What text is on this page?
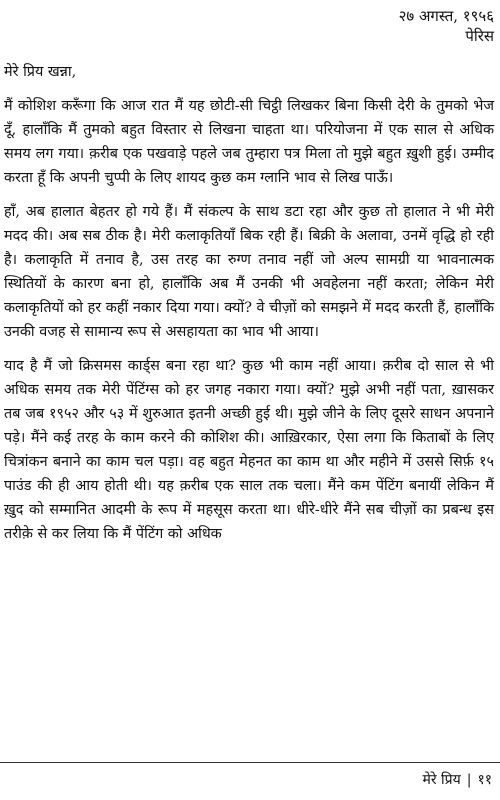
२७ अगस्त, १९५६
पेरिस

मेरे प्रिय खन्ना,

मैं कोशिश करूँगा कि आज रात मैं यह छोटी-सी चिट्ठी लिखकर बिना किसी देरी के तुमको भेज दूँ, हालाँकि मैं तुमको बहुत विस्तार से लिखना चाहता था। परियोजना में एक साल से अधिक समय लग गया। क़रीब एक पखवाड़े पहले जब तुम्हारा पत्र मिला तो मुझे बहुत ख़ुशी हुई। उम्मीद करता हूँ कि अपनी चुप्पी के लिए शायद कुछ कम ग्लानि भाव से लिख पाऊँ।

हाँ, अब हालात बेहतर हो गये हैं। मैं संकल्प के साथ डटा रहा और कुछ तो हालात ने भी मेरी मदद की। अब सब ठीक है। मेरी कलाकृतियाँ बिक रही हैं। बिक्री के अलावा, उनमें वृद्धि हो रही है। कलाकृति में तनाव है, उस तरह का रुग्ण तनाव नहीं जो अल्प सामग्री या भावनात्मक स्थितियों के कारण बना हो, हालाँकि अब मैं उनकी भी अवहेलना नहीं करता; लेकिन मेरी कलाकृतियों को हर कहीं नकार दिया गया। क्यों? वे चीज़ों को समझने में मदद करती हैं, हालाँकि उनकी वजह से सामान्य रूप से असहायता का भाव भी आया।

याद है मैं जो क्रिसमस कार्ड्स बना रहा था? कुछ भी काम नहीं आया। क़रीब दो साल से भी अधिक समय तक मेरी पेंटिंग्स को हर जगह नकारा गया। क्यों? मुझे अभी नहीं पता, ख़ासकर तब जब १९५२ और ५३ में शुरुआत इतनी अच्छी हुई थी। मुझे जीने के लिए दूसरे साधन अपनाने पड़े। मैंने कई तरह के काम करने की कोशिश की। आख़िरकार, ऐसा लगा कि किताबों के लिए चित्रांकन बनाने का काम चल पड़ा। वह बहुत मेहनत का काम था और महीने में उससे सिर्फ़ १५ पाउंड की ही आय होती थी। यह क़रीब एक साल तक चला। मैंने कम पेंटिंग बनायीं लेकिन मैं ख़ुद को सम्मानित आदमी के रूप में महसूस करता था। धीरे-धीरे मैंने सब चीज़ों का प्रबन्ध इस तरीक़े से कर लिया कि मैं पेंटिंग को अधिक

मेरे प्रिय | ११
